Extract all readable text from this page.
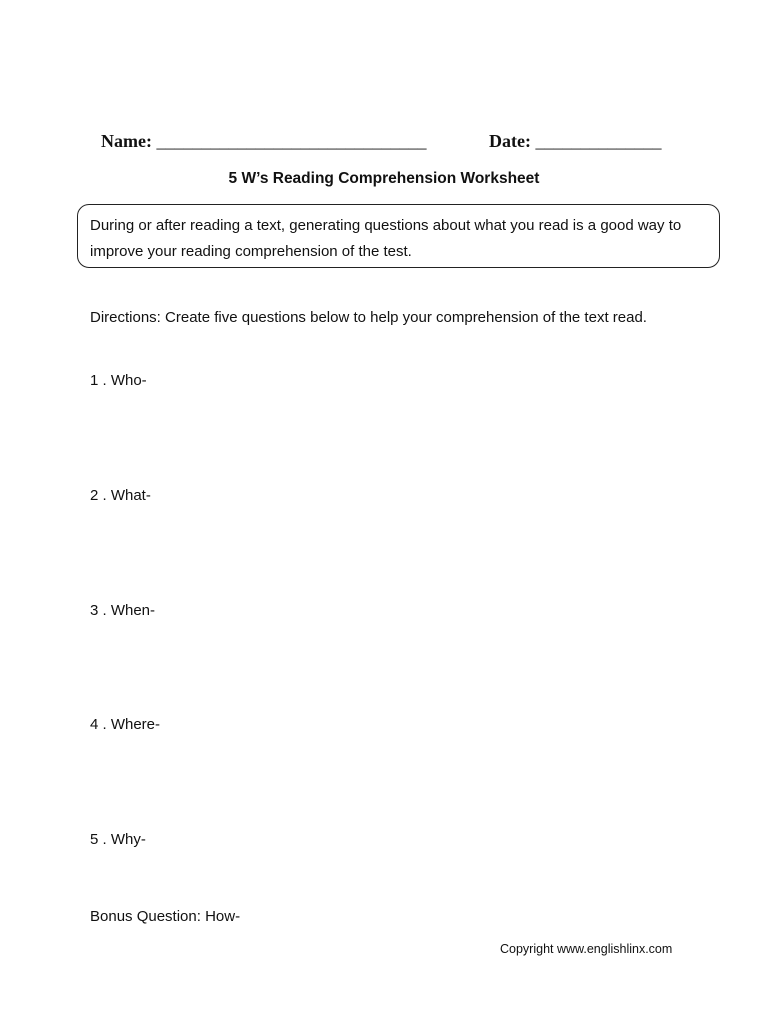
Name: ______________________________	Date: ______________
5 W’s Reading Comprehension Worksheet
During or after reading a text, generating questions about what you read is a good way to improve your reading comprehension of the test.
Directions: Create five questions below to help your comprehension of the text read.
1 . Who-
2 . What-
3 . When-
4 . Where-
5 . Why-
Bonus Question: How-
Copyright www.englishlinx.com
